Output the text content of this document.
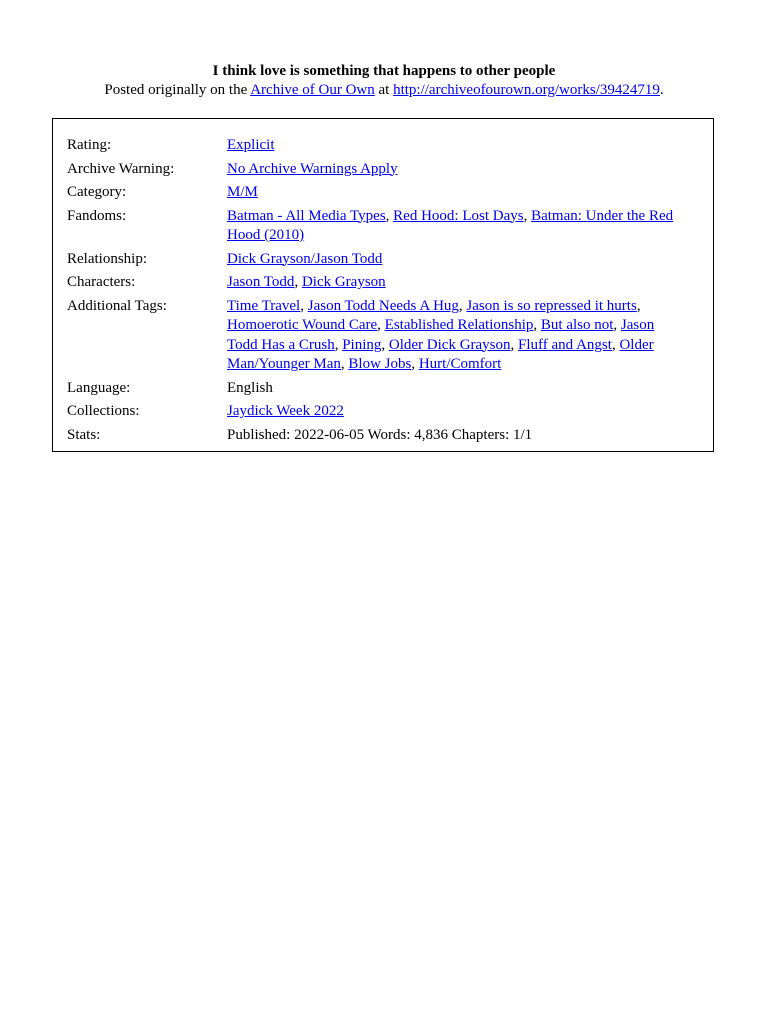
I think love is something that happens to other people
Posted originally on the Archive of Our Own at http://archiveofourown.org/works/39424719.
Rating:	Explicit
Archive Warning:	No Archive Warnings Apply
Category:	M/M
Fandoms:	Batman - All Media Types, Red Hood: Lost Days, Batman: Under the Red Hood (2010)
Relationship:	Dick Grayson/Jason Todd
Characters:	Jason Todd, Dick Grayson
Additional Tags:	Time Travel, Jason Todd Needs A Hug, Jason is so repressed it hurts, Homoerotic Wound Care, Established Relationship, But also not, Jason Todd Has a Crush, Pining, Older Dick Grayson, Fluff and Angst, Older Man/Younger Man, Blow Jobs, Hurt/Comfort
Language:	English
Collections:	Jaydick Week 2022
Stats:	Published: 2022-06-05 Words: 4,836 Chapters: 1/1
